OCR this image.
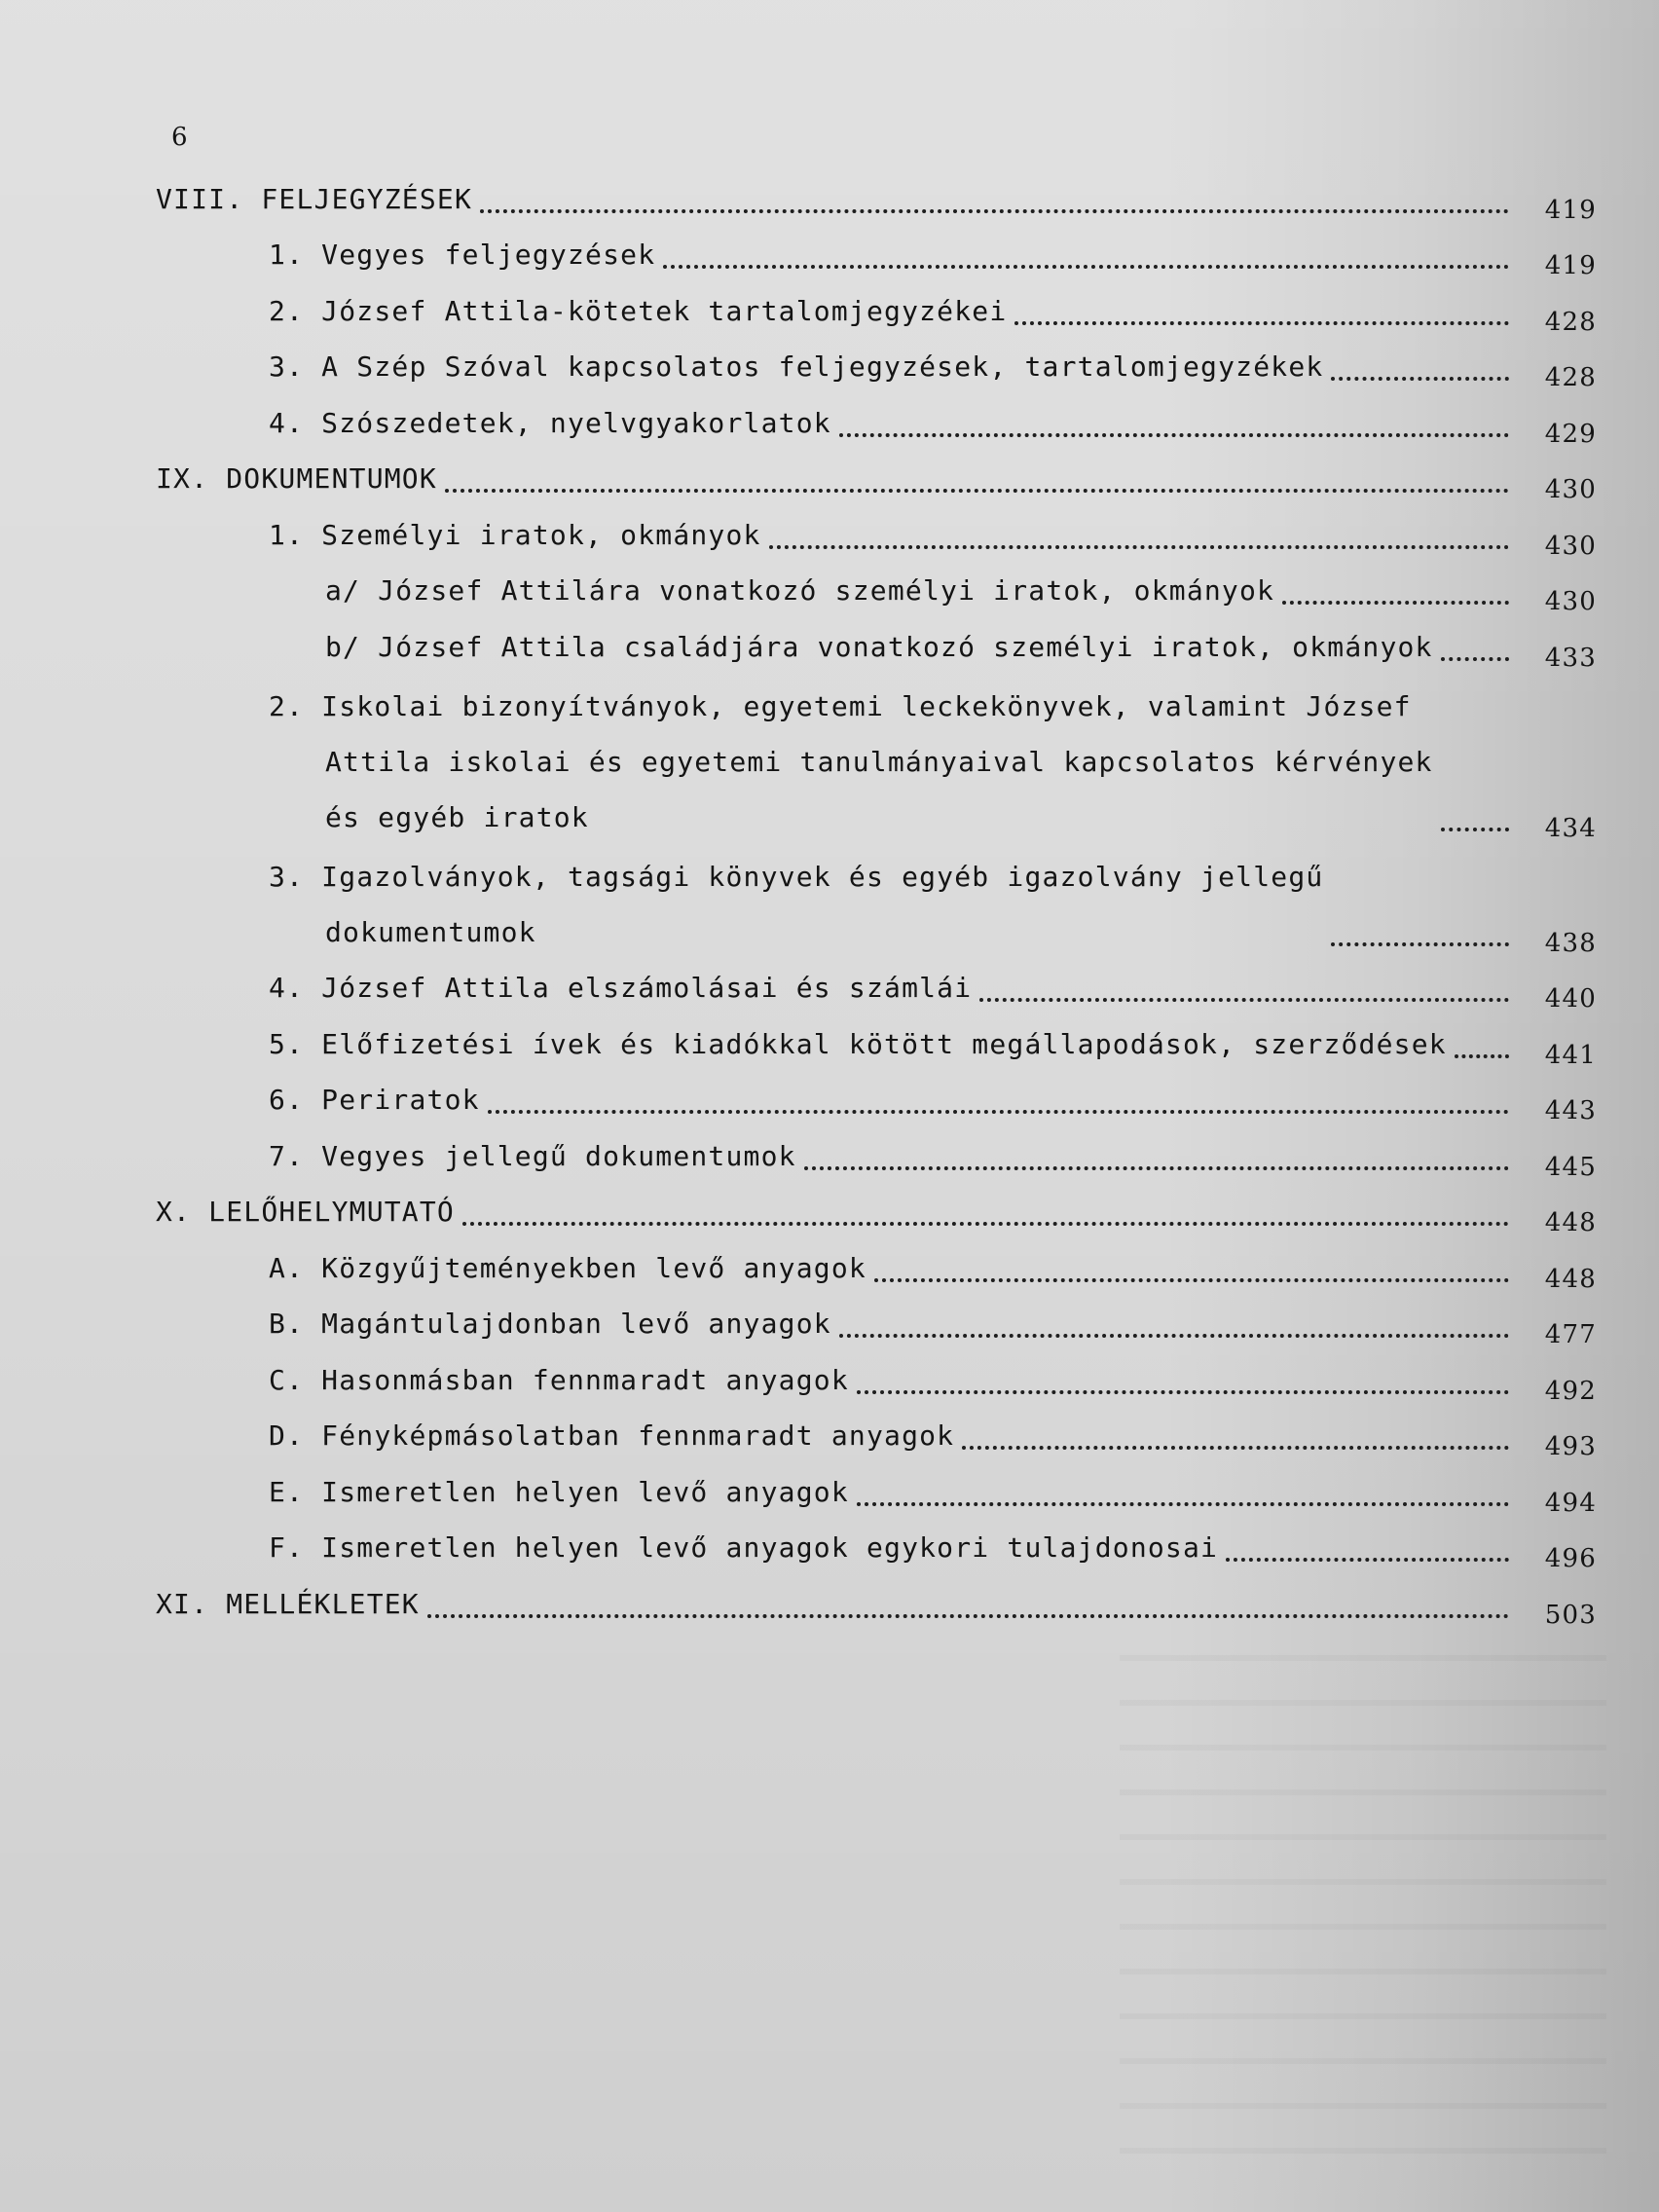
6
VIII. FELJEGYZÉSEK	419
1. Vegyes feljegyzések	419
2. József Attila-kötetek tartalomjegyzékei	428
3. A Szép Szóval kapcsolatos feljegyzések, tartalomjegyzékek	428
4. Szószedetek, nyelvgyakorlatok	429
IX. DOKUMENTUMOK	430
1. Személyi iratok, okmányok	430
a/ József Attilára vonatkozó személyi iratok, okmányok	430
b/ József Attila családjára vonatkozó személyi iratok, okmányok	433
2. Iskolai bizonyítványok, egyetemi leckekönyvek, valamint József
Attila iskolai és egyetemi tanulmányaival kapcsolatos kérvények
és egyéb iratok	434
3. Igazolványok, tagsági könyvek és egyéb igazolvány jellegű
dokumentumok	438
4. József Attila elszámolásai és számlái	440
5. Előfizetési ívek és kiadókkal kötött megállapodások, szerződések	441
6. Periratok	443
7. Vegyes jellegű dokumentumok	445
X. LELŐHELYMUTATÓ	448
A. Közgyűjteményekben levő anyagok	448
B. Magántulajdonban levő anyagok	477
C. Hasonmásban fennmaradt anyagok	492
D. Fényképmásolatban fennmaradt anyagok	493
E. Ismeretlen helyen levő anyagok	494
F. Ismeretlen helyen levő anyagok egykori tulajdonosai	496
XI. MELLÉKLETEK	503
